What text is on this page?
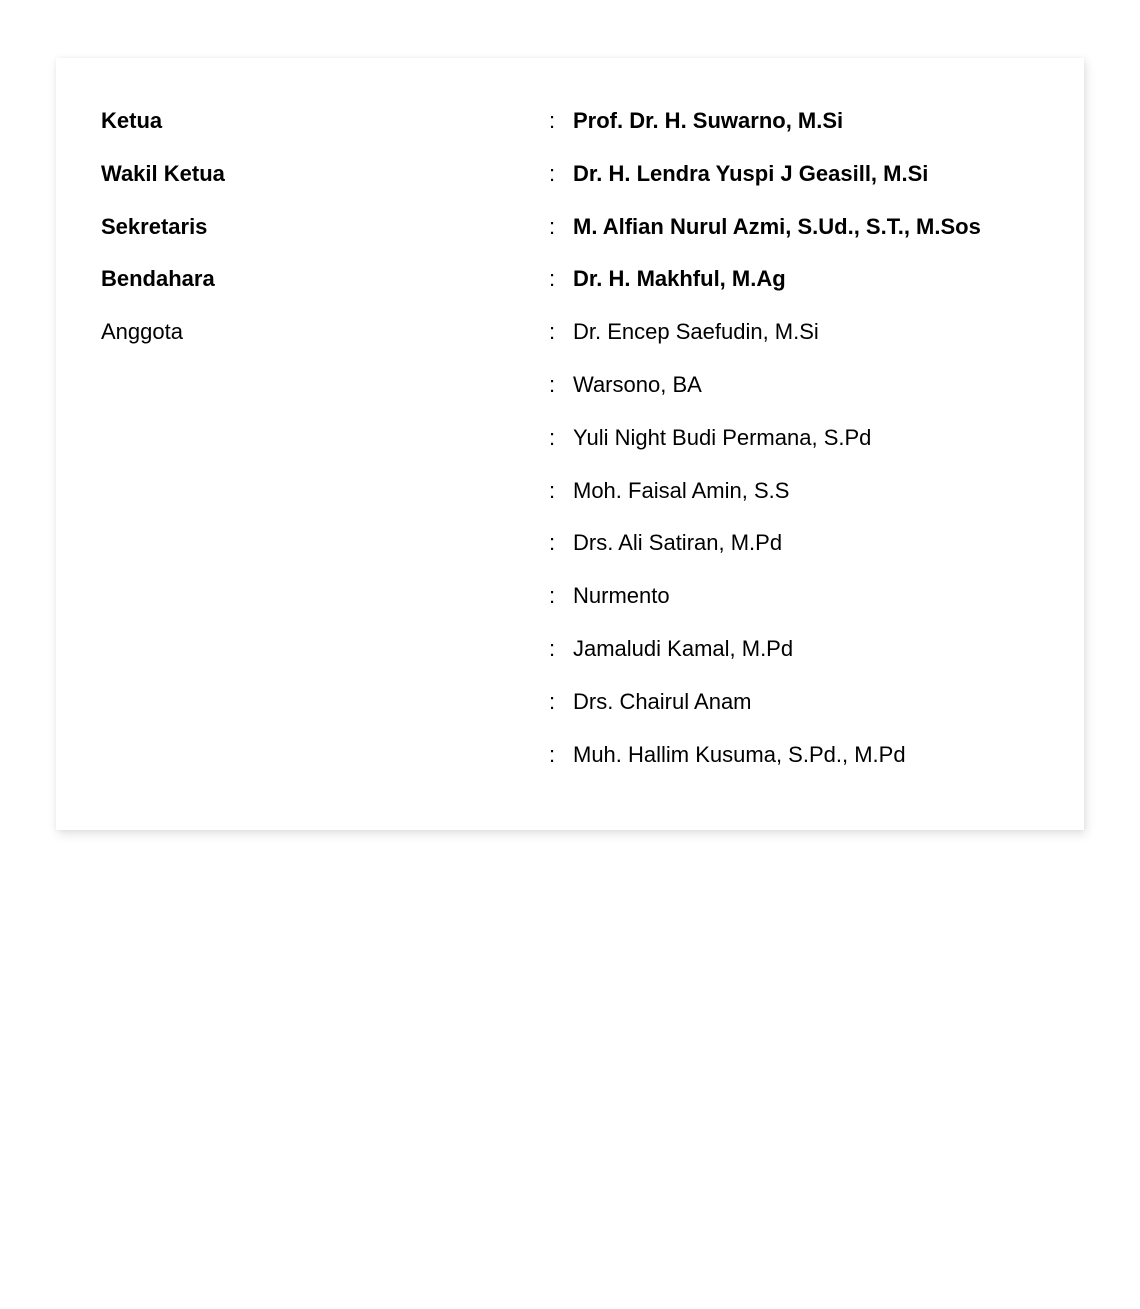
Ketua	: Prof. Dr. H. Suwarno, M.Si
Wakil Ketua	: Dr. H. Lendra Yuspi J Geasill, M.Si
Sekretaris	: M. Alfian Nurul Azmi, S.Ud., S.T., M.Sos
Bendahara	: Dr. H. Makhful, M.Ag
Anggota	: Dr. Encep Saefudin, M.Si
: Warsono, BA
: Yuli Night Budi Permana, S.Pd
: Moh. Faisal Amin, S.S
: Drs. Ali Satiran, M.Pd
: Nurmento
: Jamaludi Kamal, M.Pd
: Drs. Chairul Anam
: Muh. Hallim Kusuma, S.Pd., M.Pd
